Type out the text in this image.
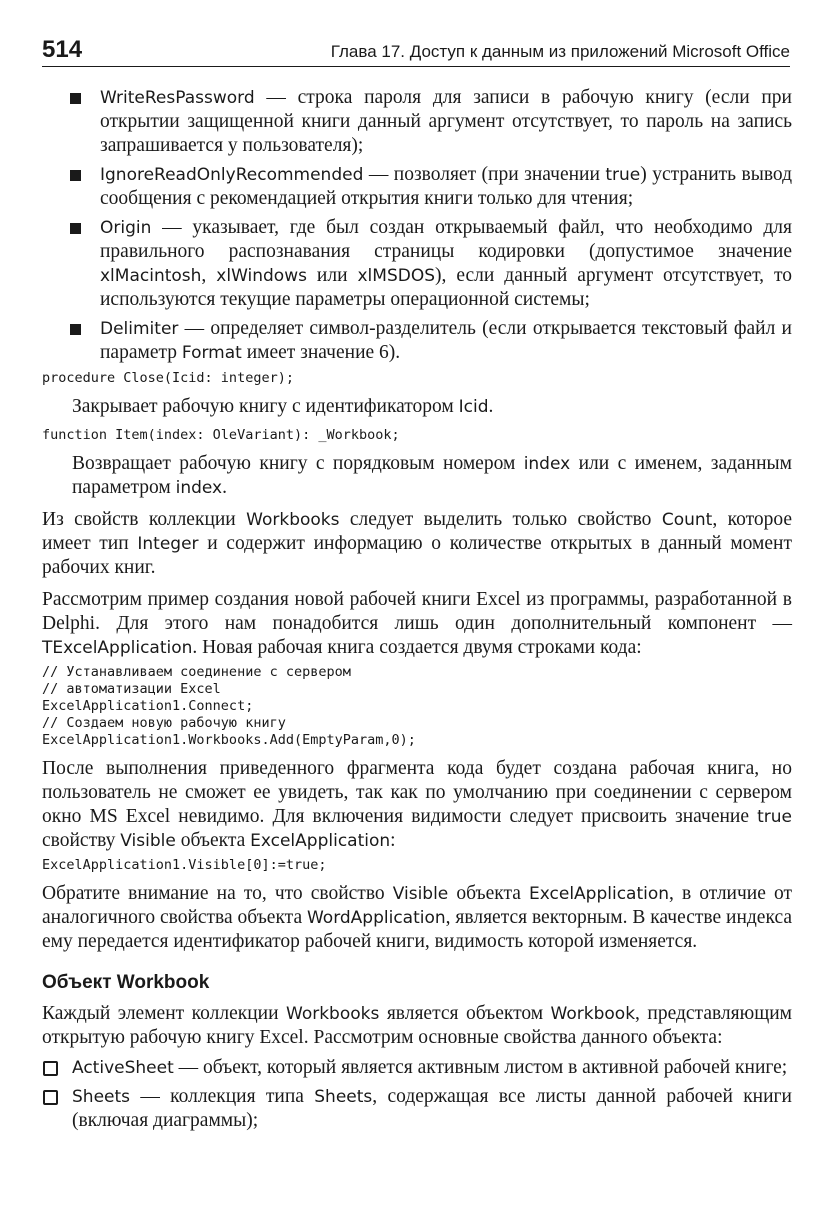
514	Глава 17. Доступ к данным из приложений Microsoft Office

WriteResPassword — строка пароля для записи в рабочую книгу (если при открытии защищенной книги данный аргумент отсутствует, то пароль на запись запрашивается у пользователя);

IgnoreReadOnlyRecommended — позволяет (при значении true) устранить вывод сообщения с рекомендацией открытия книги только для чтения;

Origin — указывает, где был создан открываемый файл, что необходимо для правильного распознавания страницы кодировки (допустимое значение xlMacintosh, xlWindows или xlMSDOS), если данный аргумент отсутствует, то используются текущие параметры операционной системы;

Delimiter — определяет символ-разделитель (если открывается текстовый файл и параметр Format имеет значение 6).

procedure Close(Icid: integer);

Закрывает рабочую книгу с идентификатором Icid.

function Item(index: OleVariant): _Workbook;

Возвращает рабочую книгу с порядковым номером index или с именем, заданным параметром index.

Из свойств коллекции Workbooks следует выделить только свойство Count, которое имеет тип Integer и содержит информацию о количестве открытых в данный момент рабочих книг.

Рассмотрим пример создания новой рабочей книги Excel из программы, разработанной в Delphi. Для этого нам понадобится лишь один дополнительный компонент — TExcelApplication. Новая рабочая книга создается двумя строками кода:

// Устанавливаем соединение с сервером
// автоматизации Excel
ExcelApplication1.Connect;
// Создаем новую рабочую книгу
ExcelApplication1.Workbooks.Add(EmptyParam,0);

После выполнения приведенного фрагмента кода будет создана рабочая книга, но пользователь не сможет ее увидеть, так как по умолчанию при соединении с сервером окно MS Excel невидимо. Для включения видимости следует присвоить значение true свойству Visible объекта ExcelApplication:

ExcelApplication1.Visible[0]:=true;

Обратите внимание на то, что свойство Visible объекта ExcelApplication, в отличие от аналогичного свойства объекта WordApplication, является векторным. В качестве индекса ему передается идентификатор рабочей книги, видимость которой изменяется.

Объект Workbook

Каждый элемент коллекции Workbooks является объектом Workbook, представляющим открытую рабочую книгу Excel. Рассмотрим основные свойства данного объекта:

ActiveSheet — объект, который является активным листом в активной рабочей книге;

Sheets — коллекция типа Sheets, содержащая все листы данной рабочей книги (включая диаграммы);
